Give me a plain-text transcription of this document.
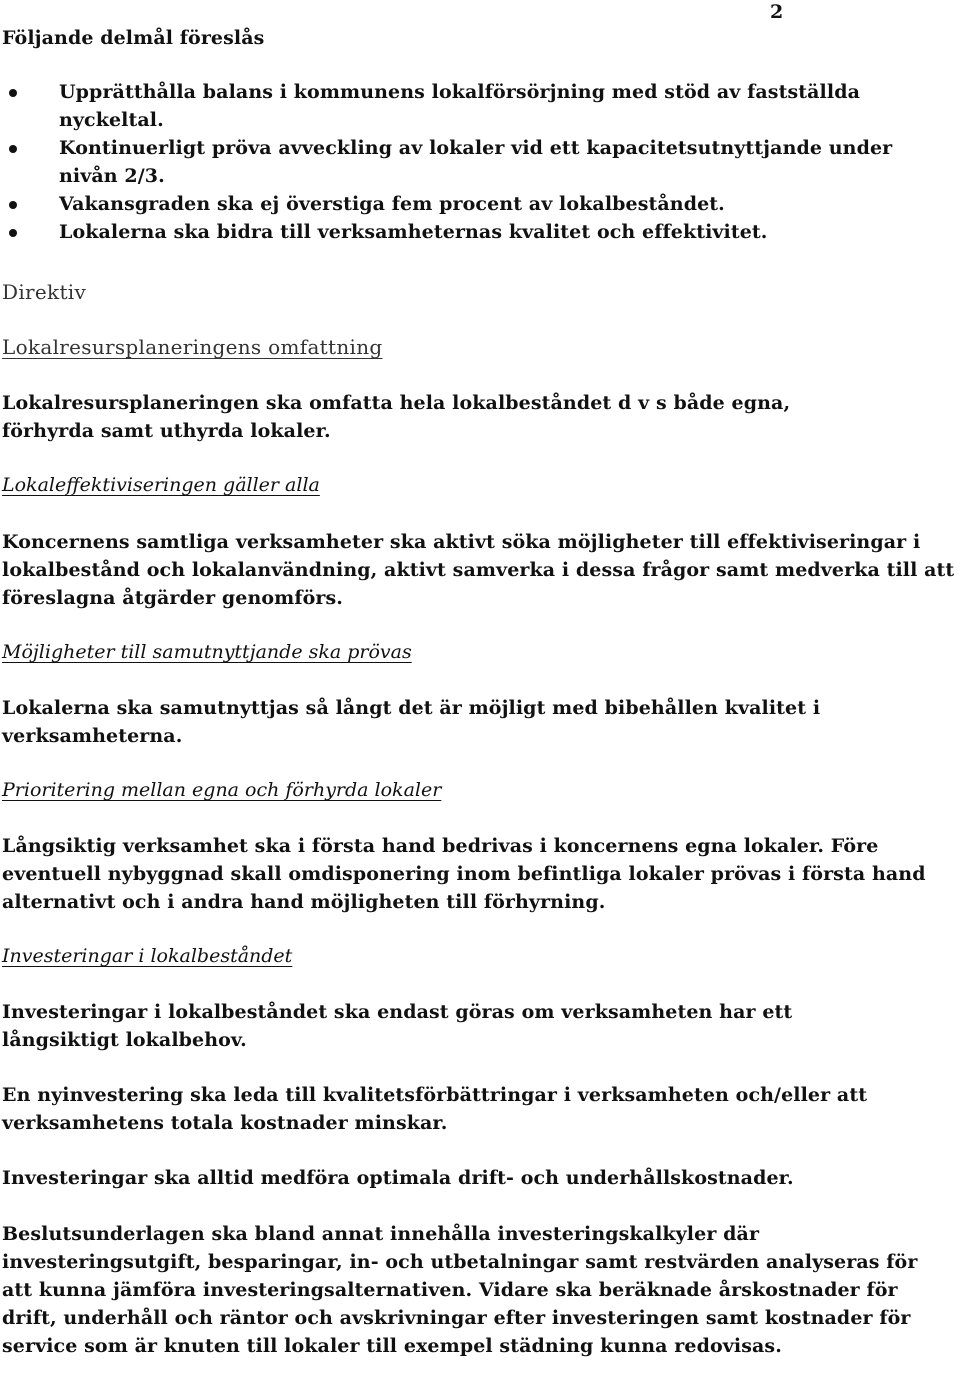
2
Följande delmål föreslås
Upprätthålla balans i kommunens lokalförsörjning med stöd av fastställda nyckeltal.
Kontinuerligt pröva avveckling av lokaler vid ett kapacitetsutnyttjande under nivån 2/3.
Vakansgraden ska ej överstiga fem procent av lokalbeståndet.
Lokalerna ska bidra till verksamheternas kvalitet och effektivitet.
Direktiv
Lokalresursplaneringens omfattning

Lokalresursplaneringen ska omfatta hela lokalbeståndet d v s både egna, förhyrda samt uthyrda lokaler.

Lokaleffektiviseringen gäller alla

Koncernens samtliga verksamheter ska aktivt söka möjligheter till effektiviseringar i lokalbestånd och lokalanvändning, aktivt samverka i dessa frågor samt medverka till att föreslagna åtgärder genomförs.

Möjligheter till samutnyttjande ska prövas

Lokalerna ska samutnyttjas så långt det är möjligt med bibehållen kvalitet i verksamheterna.

Prioritering mellan egna och förhyrda lokaler

Långsiktig verksamhet ska i första hand bedrivas i koncernens egna lokaler. Före eventuell nybyggnad skall omdisponering inom befintliga lokaler prövas i första hand alternativt och i andra hand möjligheten till förhyrning.

Investeringar i lokalbeståndet

Investeringar i lokalbeståndet ska endast göras om verksamheten har ett långsiktigt lokalbehov.

En nyinvestering ska leda till kvalitetsförbättringar i verksamheten och/eller att verksamhetens totala kostnader minskar.

Investeringar ska alltid medföra optimala drift- och underhållskostnader.

Beslutsunderlagen ska bland annat innehålla investeringskalkyler där investeringsutgift, besparingar, in- och utbetalningar samt restvärden analyseras för att kunna jämföra investeringsalternativen. Vidare ska beräknade årskostnader för drift, underhåll och räntor och avskrivningar efter investeringen samt kostnader för service som är knuten till lokaler till exempel städning kunna redovisas.
